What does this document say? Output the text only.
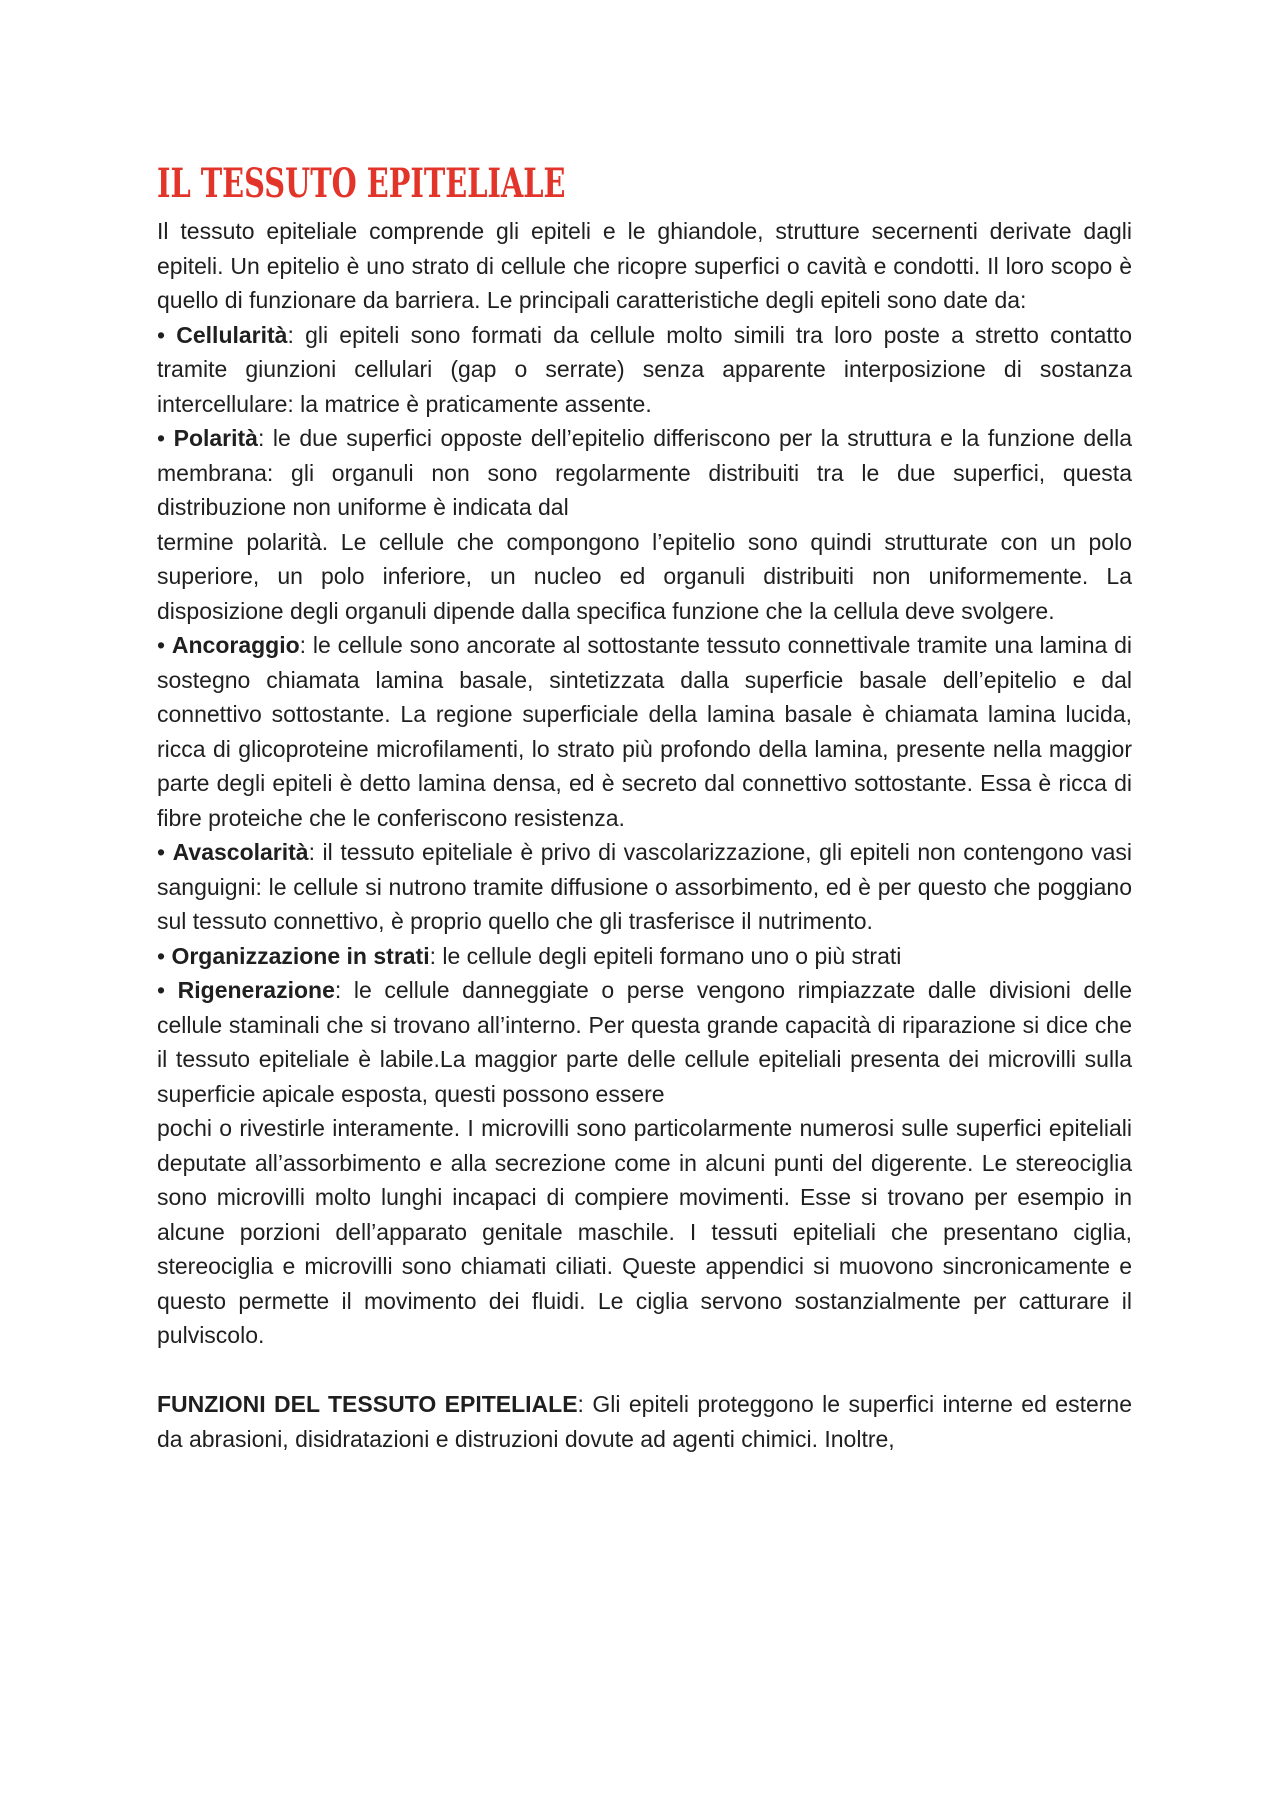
IL TESSUTO EPITELIALE

Il tessuto epiteliale comprende gli epiteli e le ghiandole, strutture secernenti derivate dagli epiteli. Un epitelio è uno strato di cellule che ricopre superfici o cavità e condotti. Il loro scopo è quello di funzionare da barriera. Le principali caratteristiche degli epiteli sono date da:

• Cellularità: gli epiteli sono formati da cellule molto simili tra loro poste a stretto contatto tramite giunzioni cellulari (gap o serrate) senza apparente interposizione di sostanza intercellulare: la matrice è praticamente assente.

• Polarità: le due superfici opposte dell’epitelio differiscono per la struttura e la funzione della membrana: gli organuli non sono regolarmente distribuiti tra le due superfici, questa distribuzione non uniforme è indicata dal

termine polarità. Le cellule che compongono l’epitelio sono quindi strutturate con un polo superiore, un polo inferiore, un nucleo ed organuli distribuiti non uniformemente. La disposizione degli organuli dipende dalla specifica funzione che la cellula deve svolgere.

• Ancoraggio: le cellule sono ancorate al sottostante tessuto connettivale tramite una lamina di sostegno chiamata lamina basale, sintetizzata dalla superficie basale dell’epitelio e dal connettivo sottostante. La regione superficiale della lamina basale è chiamata lamina lucida, ricca di glicoproteine microfilamenti, lo strato più profondo della lamina, presente nella maggior parte degli epiteli è detto lamina densa, ed è secreto dal connettivo sottostante. Essa è ricca di fibre proteiche che le conferiscono resistenza.

• Avascolarità: il tessuto epiteliale è privo di vascolarizzazione, gli epiteli non contengono vasi sanguigni: le cellule si nutrono tramite diffusione o assorbimento, ed è per questo che poggiano sul tessuto connettivo, è proprio quello che gli trasferisce il nutrimento.

• Organizzazione in strati: le cellule degli epiteli formano uno o più strati

• Rigenerazione: le cellule danneggiate o perse vengono rimpiazzate dalle divisioni delle cellule staminali che si trovano all’interno. Per questa grande capacità di riparazione si dice che il tessuto epiteliale è labile.La maggior parte delle cellule epiteliali presenta dei microvilli sulla superficie apicale esposta, questi possono essere

pochi o rivestirle interamente. I microvilli sono particolarmente numerosi sulle superfici epiteliali deputate all’assorbimento e alla secrezione come in alcuni punti del digerente. Le stereociglia sono microvilli molto lunghi incapaci di compiere movimenti. Esse si trovano per esempio in alcune porzioni dell’apparato genitale maschile. I tessuti epiteliali che presentano ciglia, stereociglia e microvilli sono chiamati ciliati. Queste appendici si muovono sincronicamente e questo permette il movimento dei fluidi. Le ciglia servono sostanzialmente per catturare il pulviscolo.

FUNZIONI DEL TESSUTO EPITELIALE: Gli epiteli proteggono le superfici interne ed esterne da abrasioni, disidratazioni e distruzioni dovute ad agenti chimici. Inoltre,
